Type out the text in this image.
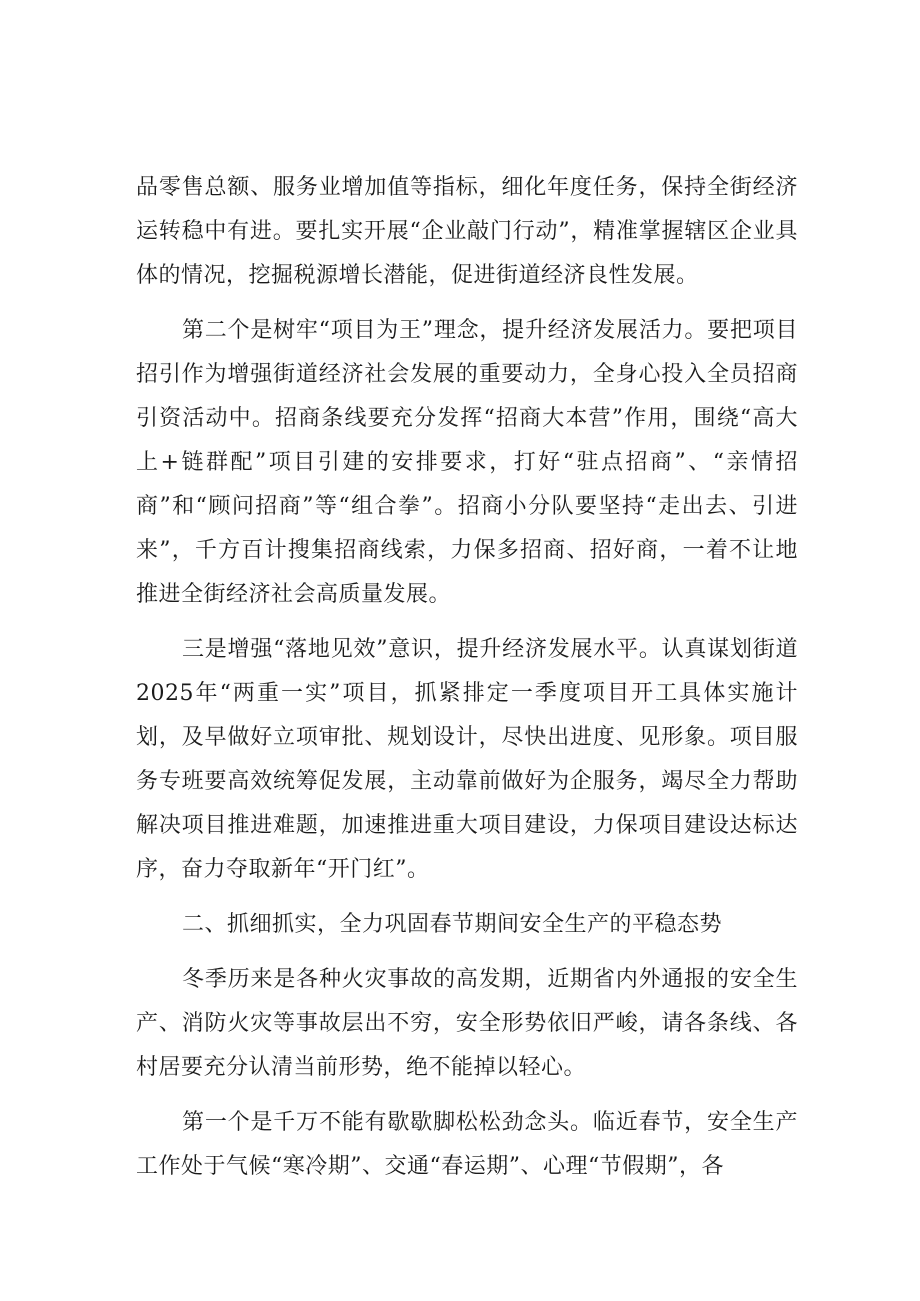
品零售总额、服务业增加值等指标，细化年度任务，保持全街经济运转稳中有进。要扎实开展“企业敲门行动”，精准掌握辖区企业具体的情况，挖掘税源增长潜能，促进街道经济良性发展。

第二个是树牢“项目为王”理念，提升经济发展活力。要把项目招引作为增强街道经济社会发展的重要动力，全身心投入全员招商引资活动中。招商条线要充分发挥“招商大本营”作用，围绕“高大上+链群配”项目引建的安排要求，打好“驻点招商”、“亲情招商”和“顾问招商”等“组合拳”。招商小分队要坚持“走出去、引进来”，千方百计搜集招商线索，力保多招商、招好商，一着不让地推进全街经济社会高质量发展。

三是增强“落地见效”意识，提升经济发展水平。认真谋划街道2025年“两重一实”项目，抓紧排定一季度项目开工具体实施计划，及早做好立项审批、规划设计，尽快出进度、见形象。项目服务专班要高效统筹促发展，主动靠前做好为企服务，竭尽全力帮助解决项目推进难题，加速推进重大项目建设，力保项目建设达标达序，奋力夺取新年“开门红”。

二、抓细抓实，全力巩固春节期间安全生产的平稳态势

冬季历来是各种火灾事故的高发期，近期省内外通报的安全生产、消防火灾等事故层出不穷，安全形势依旧严峻，请各条线、各村居要充分认清当前形势，绝不能掉以轻心。

第一个是千万不能有歇歇脚松松劲念头。临近春节，安全生产工作处于气候“寒冷期”、交通“春运期”、心理“节假期”，各
